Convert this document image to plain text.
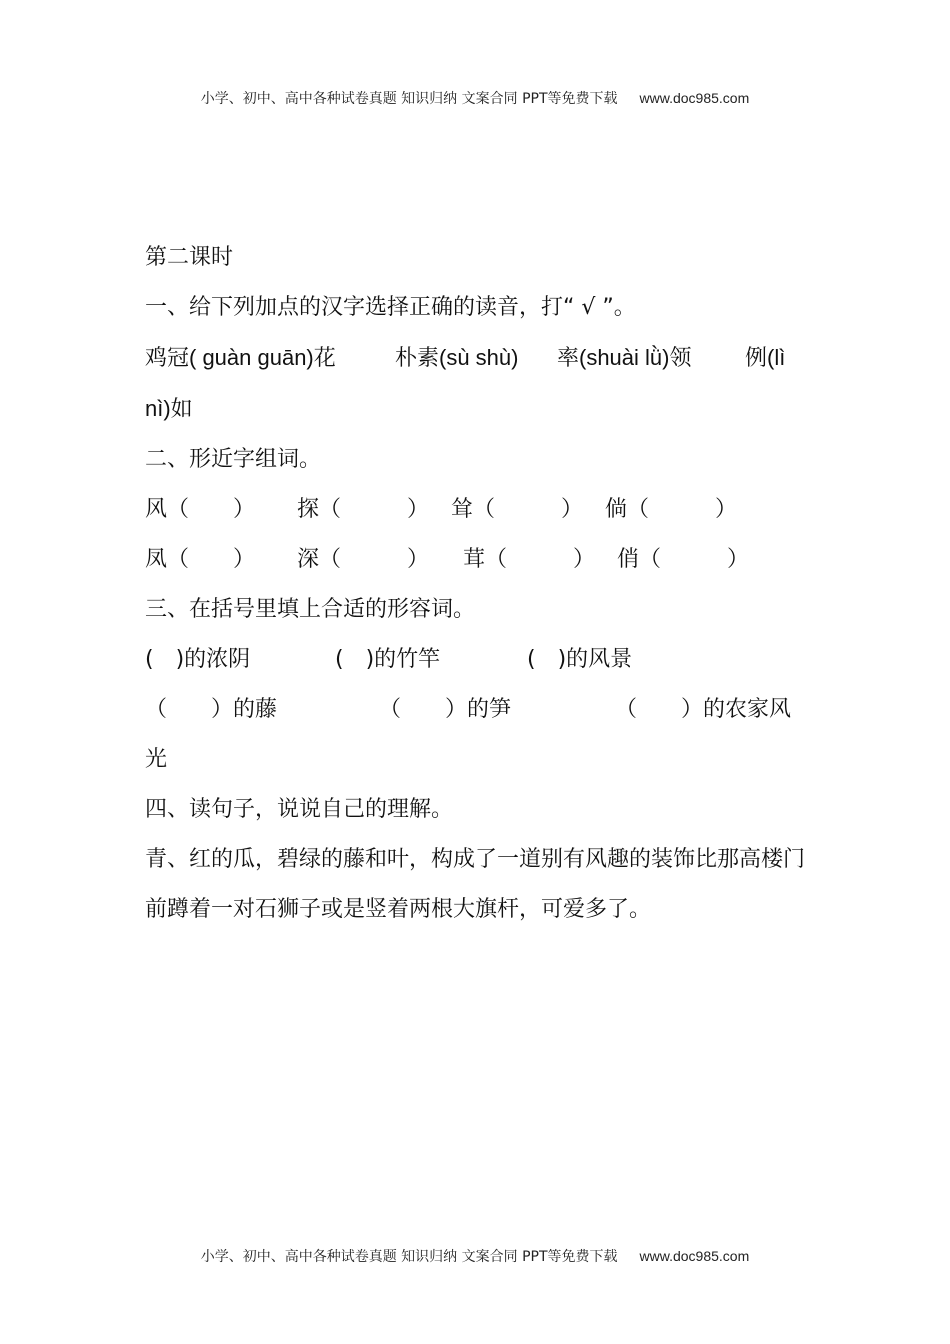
小学、初中、高中各种试卷真题 知识归纳 文案合同 PPT等免费下载 www.doc985.com
第二课时
一、给下列加点的汉字选择正确的读音，打“ √ ”。
鸡冠( guàn guān)花	朴素(sù shù) 率(shuài lǜ)领 例(lì nì)如
二、形近字组词。
风（　　） 探（　　　） 耸（　　　） 倘（　　　）
凤（　　） 深（　　　） 茸（　　　） 俏（　　　）
三、在括号里填上合适的形容词。
(　)的浓阴	(　)的竹竿	(　)的风景
（　　）的藤	（　　）的笋	（　　）的农家风光
四、读句子，说说自己的理解。
青、红的瓜，碧绿的藤和叶，构成了一道别有风趣的装饰比那高楼门前蹲着一对石狮子或是竖着两根大旗杆，可爱多了。
小学、初中、高中各种试卷真题 知识归纳 文案合同 PPT等免费下载 www.doc985.com
